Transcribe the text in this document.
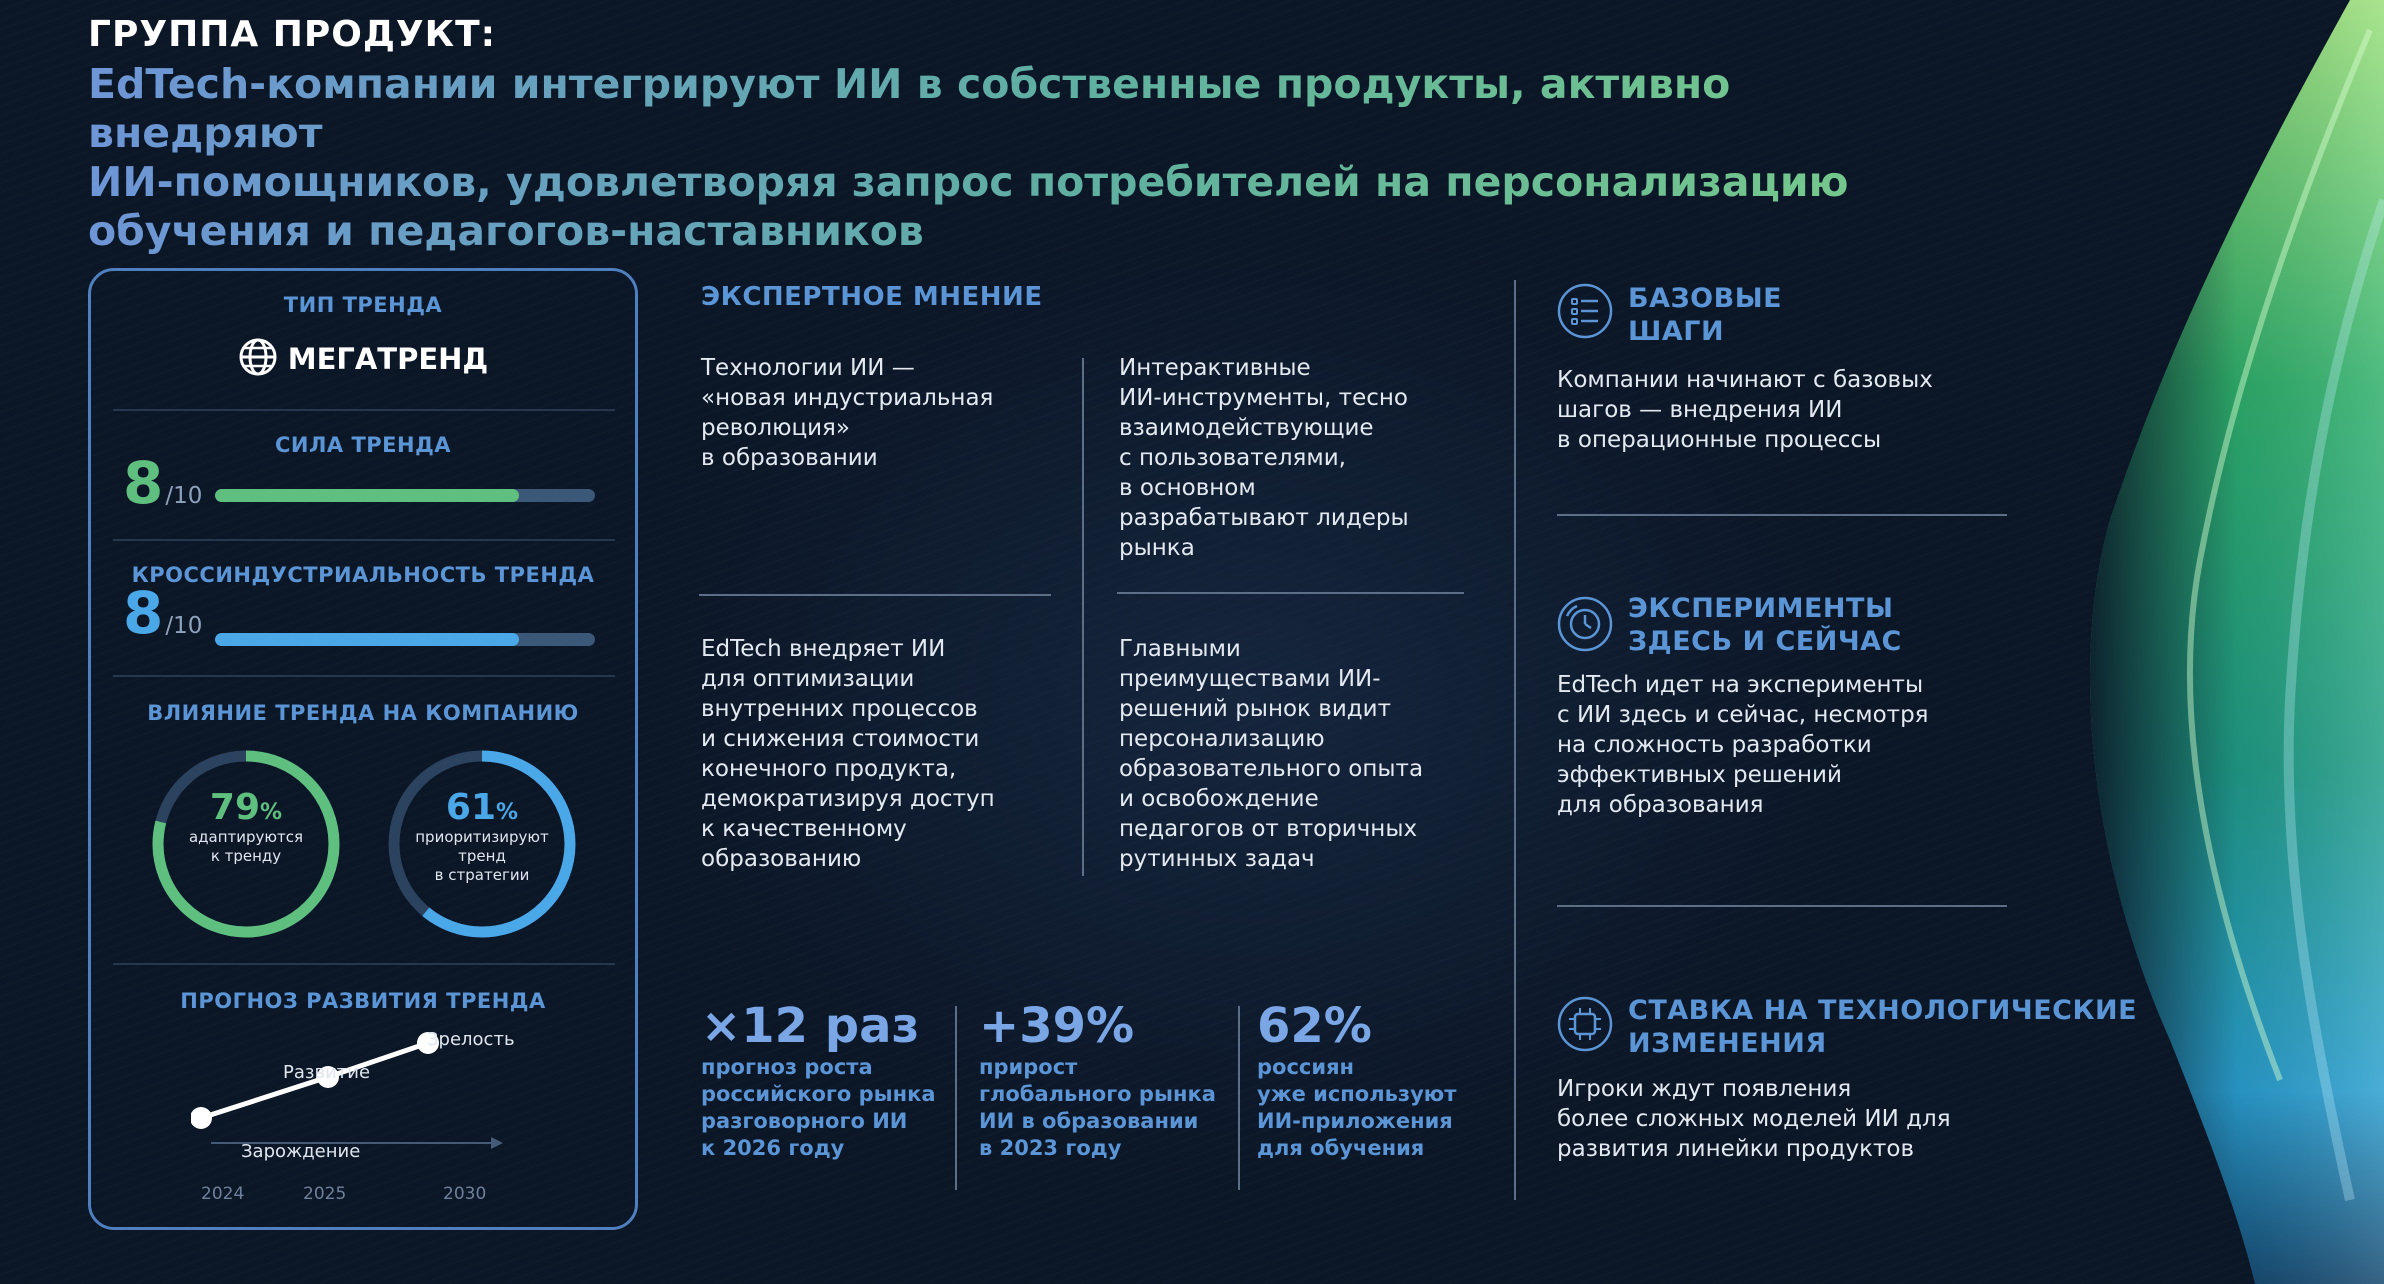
ГРУППА ПРОДУКТ:
EdTech-компании интегрируют ИИ в собственные продукты, активно внедряют
ИИ-помощников, удовлетворяя запрос потребителей на персонализацию
обучения и педагогов-наставников
ТИП ТРЕНДА
МЕГАТРЕНД
СИЛА ТРЕНДА
8/10
КРОССИНДУСТРИАЛЬНОСТЬ ТРЕНДА
8/10
ВЛИЯНИЕ ТРЕНДА НА КОМПАНИЮ
79%
адаптируются
к тренду
61%
приоритизируют
тренд
в стратегии
ПРОГНОЗ РАЗВИТИЯ ТРЕНДА
Зарождение
Развитие
Зрелость
2024	2025	2030
ЭКСПЕРТНОЕ МНЕНИЕ
Технологии ИИ —
«новая индустриальная
революция»
в образовании
Интерактивные
ИИ-инструменты, тесно
взаимодействующие
с пользователями,
в основном
разрабатывают лидеры
рынка
EdTech внедряет ИИ
для оптимизации
внутренних процессов
и снижения стоимости
конечного продукта,
демократизируя доступ
к качественному
образованию
Главными
преимуществами ИИ-
решений рынок видит
персонализацию
образовательного опыта
и освобождение
педагогов от вторичных
рутинных задач
×12 раз
прогноз роста
российского рынка
разговорного ИИ
к 2026 году
+39%
прирост
глобального рынка
ИИ в образовании
в 2023 году
62%
россиян
уже используют
ИИ-приложения
для обучения
БАЗОВЫЕ
ШАГИ
Компании начинают с базовых
шагов — внедрения ИИ
в операционные процессы
ЭКСПЕРИМЕНТЫ
ЗДЕСЬ И СЕЙЧАС
EdTech идет на эксперименты
с ИИ здесь и сейчас, несмотря
на сложность разработки
эффективных решений
для образования
СТАВКА НА ТЕХНОЛОГИЧЕСКИЕ
ИЗМЕНЕНИЯ
Игроки ждут появления
более сложных моделей ИИ для
развития линейки продуктов
